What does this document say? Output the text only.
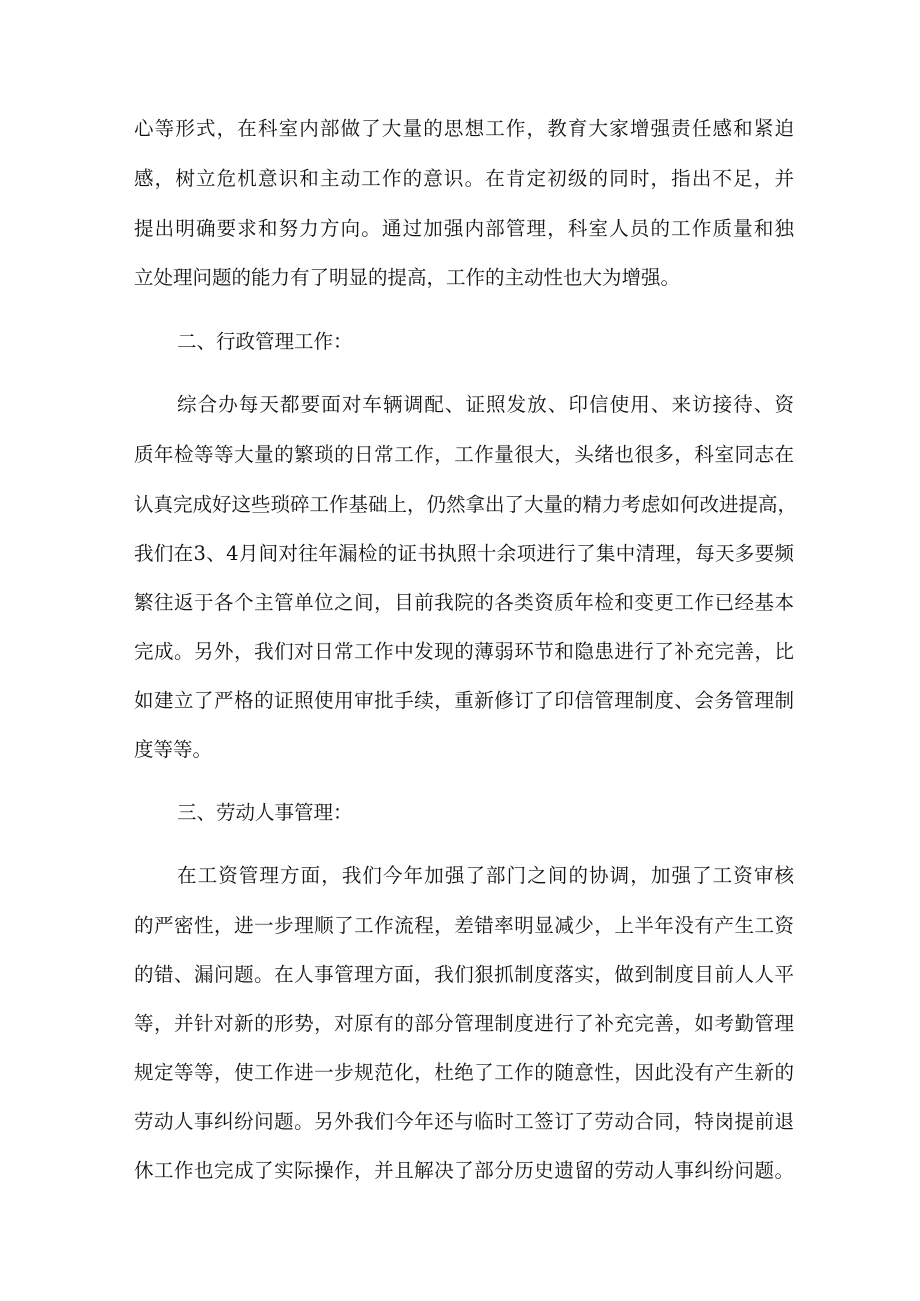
心等形式，在科室内部做了大量的思想工作，教育大家增强责任感和紧迫
感，树立危机意识和主动工作的意识。在肯定初级的同时，指出不足，并
提出明确要求和努力方向。通过加强内部管理，科室人员的工作质量和独
立处理问题的能力有了明显的提高，工作的主动性也大为增强。
二、行政管理工作：
综合办每天都要面对车辆调配、证照发放、印信使用、来访接待、资
质年检等等大量的繁琐的日常工作，工作量很大，头绪也很多，科室同志在
认真完成好这些琐碎工作基础上，仍然拿出了大量的精力考虑如何改进提高，
我们在3、4月间对往年漏检的证书执照十余项进行了集中清理，每天多要频
繁往返于各个主管单位之间，目前我院的各类资质年检和变更工作已经基本
完成。另外，我们对日常工作中发现的薄弱环节和隐患进行了补充完善，比
如建立了严格的证照使用审批手续，重新修订了印信管理制度、会务管理制
度等等。
三、劳动人事管理：
在工资管理方面，我们今年加强了部门之间的协调，加强了工资审核
的严密性，进一步理顺了工作流程，差错率明显减少，上半年没有产生工资
的错、漏问题。在人事管理方面，我们狠抓制度落实，做到制度目前人人平
等，并针对新的形势，对原有的部分管理制度进行了补充完善，如考勤管理
规定等等，使工作进一步规范化，杜绝了工作的随意性，因此没有产生新的
劳动人事纠纷问题。另外我们今年还与临时工签订了劳动合同，特岗提前退
休工作也完成了实际操作，并且解决了部分历史遗留的劳动人事纠纷问题。
